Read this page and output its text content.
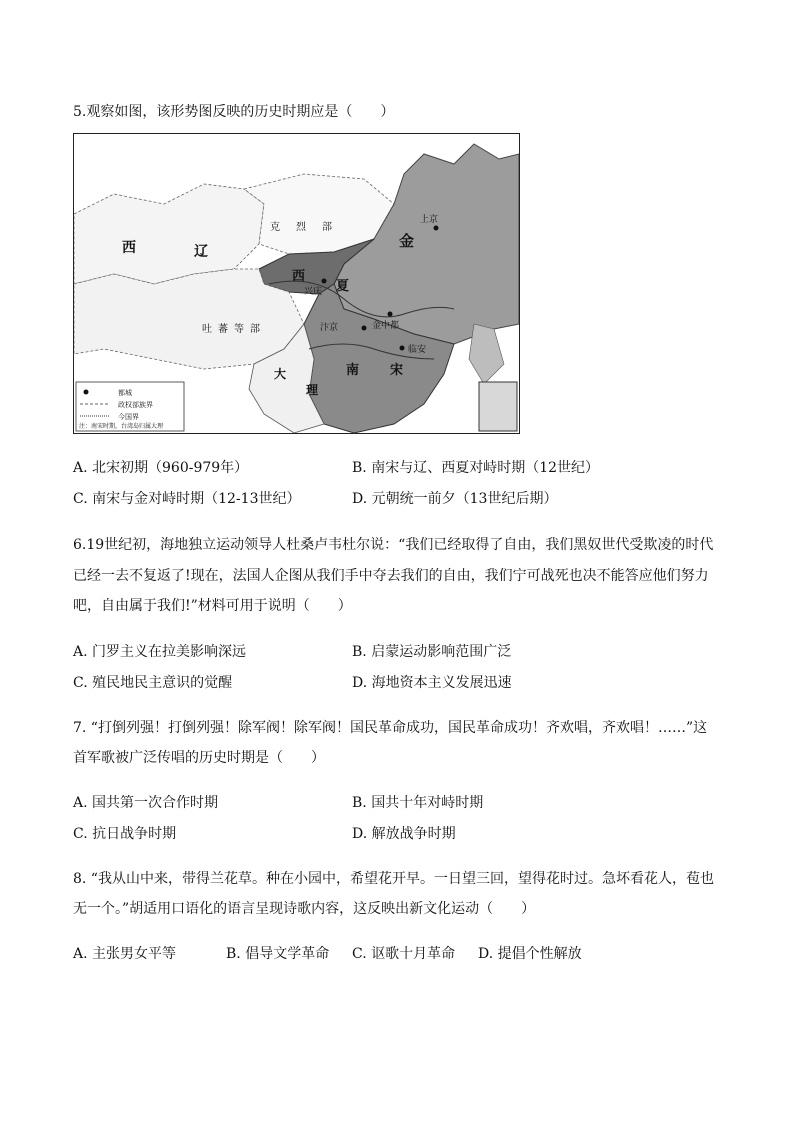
5.观察如图，该形势图反映的历史时期应是（　　）
西	辽
克 烈 部
吐 蕃 等 部
大
理
西
夏
金
南 宋
兴庆
上京
金中都
汴京
临安
都城
政权部族界
今国界
注：南宋时期，台湾岛归属大理
A. 北宋初期（960-979年）	B. 南宋与辽、西夏对峙时期（12世纪）
C. 南宋与金对峙时期（12-13世纪）	D. 元朝统一前夕（13世纪后期）
6.19世纪初，海地独立运动领导人杜桑卢韦杜尔说：“我们已经取得了自由，我们黑奴世代受欺凌的时代
已经一去不复返了!现在，法国人企图从我们手中夺去我们的自由，我们宁可战死也决不能答应他们努力
吧，自由属于我们!”材料可用于说明（　　）
A. 门罗主义在拉美影响深远	B. 启蒙运动影响范围广泛
C. 殖民地民主意识的觉醒	D. 海地资本主义发展迅速
7. “打倒列强！打倒列强！除军阀！除军阀！国民革命成功，国民革命成功！齐欢唱，齐欢唱！……”这
首军歌被广泛传唱的历史时期是（　　）
A. 国共第一次合作时期	B. 国共十年对峙时期
C. 抗日战争时期	D. 解放战争时期
8. “我从山中来，带得兰花草。种在小园中，希望花开早。一日望三回，望得花时过。急坏看花人，苞也
无一个。”胡适用口语化的语言呈现诗歌内容，这反映出新文化运动（　　）
A. 主张男女平等	B. 倡导文学革命 C. 讴歌十月革命 D. 提倡个性解放
